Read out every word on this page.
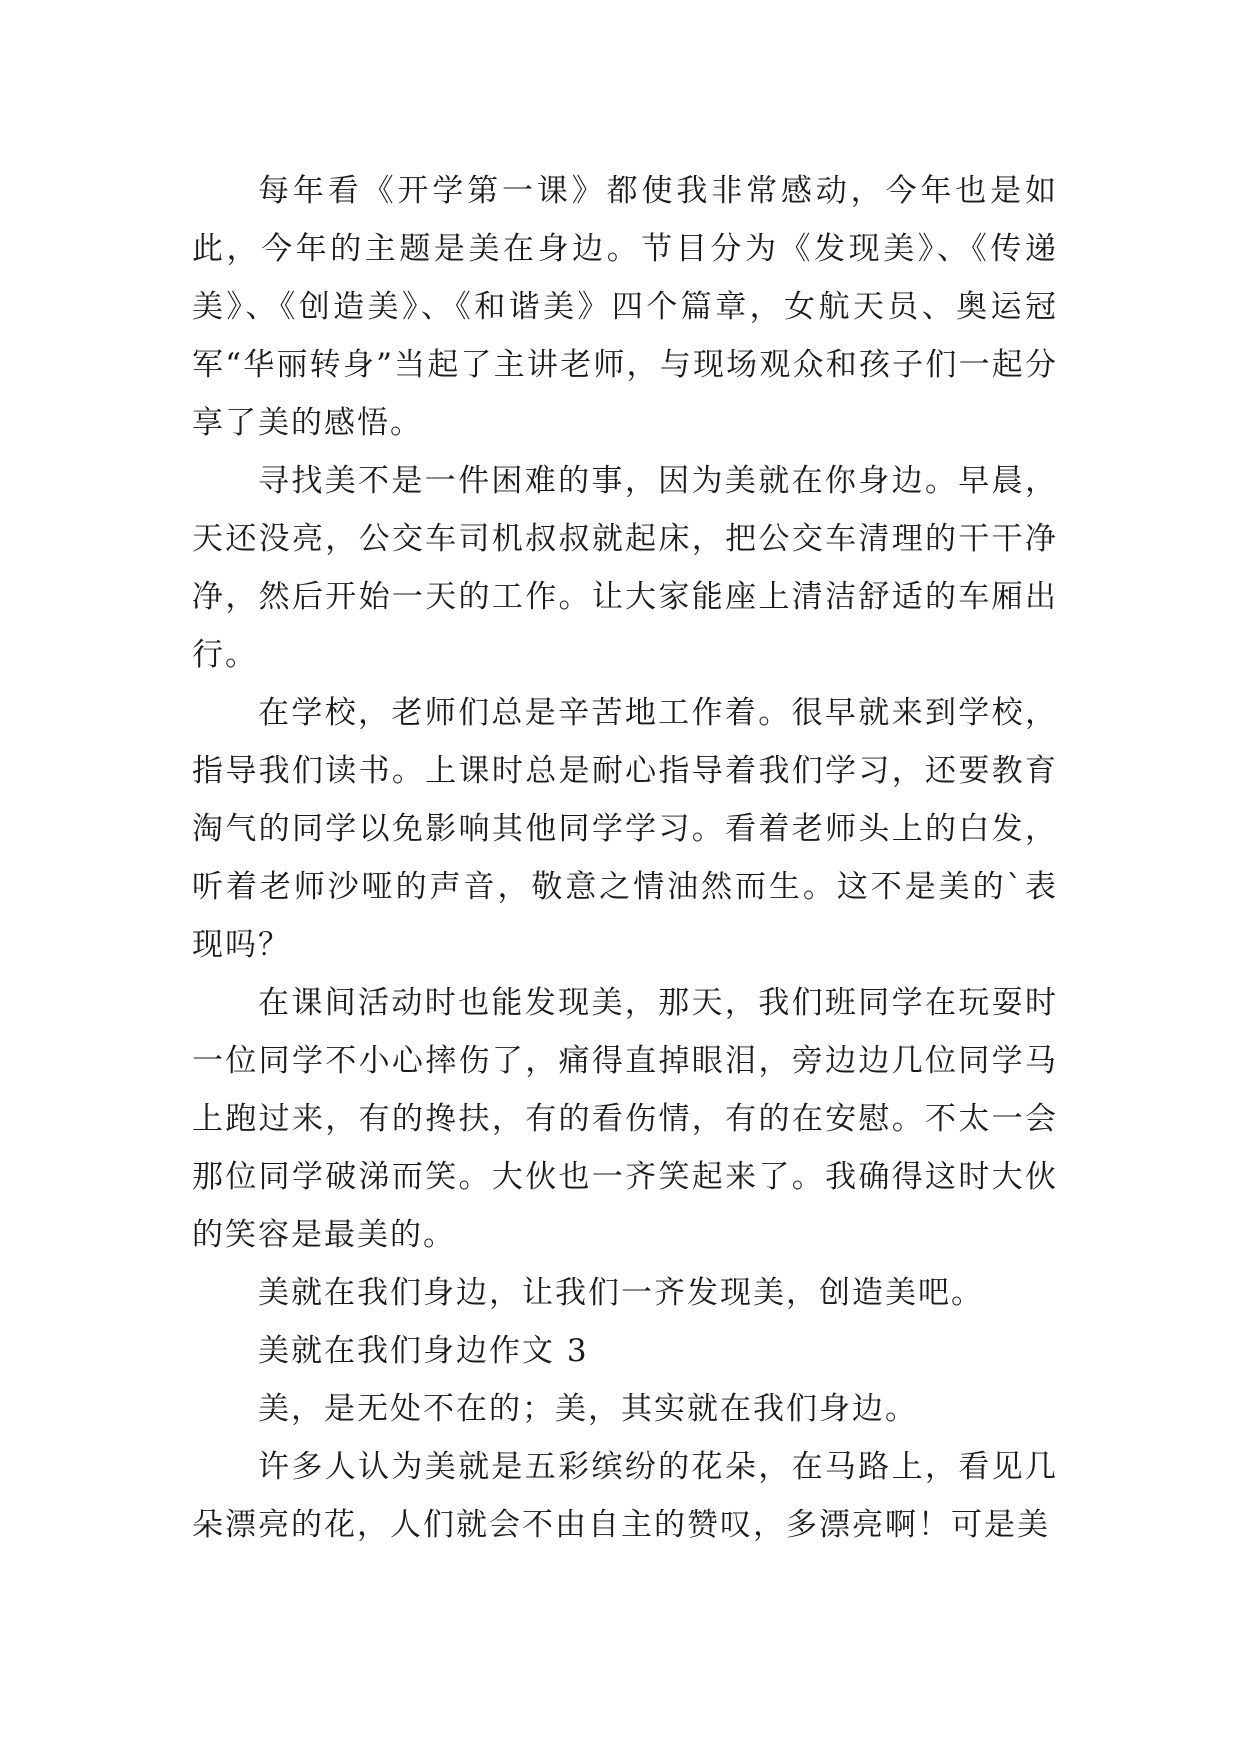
每年看《开学第一课》都使我非常感动，今年也是如此，今年的主题是美在身边。节目分为《发现美》、《传递美》、《创造美》、《和谐美》四个篇章，女航天员、奥运冠军“华丽转身”当起了主讲老师，与现场观众和孩子们一起分享了美的感悟。

寻找美不是一件困难的事，因为美就在你身边。早晨，天还没亮，公交车司机叔叔就起床，把公交车清理的干干净净，然后开始一天的工作。让大家能座上清洁舒适的车厢出行。

在学校，老师们总是辛苦地工作着。很早就来到学校，指导我们读书。上课时总是耐心指导着我们学习，还要教育淘气的同学以免影响其他同学学习。看着老师头上的白发，听着老师沙哑的声音，敬意之情油然而生。这不是美的`表现吗？

在课间活动时也能发现美，那天，我们班同学在玩耍时一位同学不小心摔伤了，痛得直掉眼泪，旁边边几位同学马上跑过来，有的搀扶，有的看伤情，有的在安慰。不太一会那位同学破涕而笑。大伙也一齐笑起来了。我确得这时大伙的笑容是最美的。

美就在我们身边，让我们一齐发现美，创造美吧。

美就在我们身边作文 3

美，是无处不在的；美，其实就在我们身边。

许多人认为美就是五彩缤纷的花朵，在马路上，看见几朵漂亮的花，人们就会不由自主的赞叹，多漂亮啊！可是美
